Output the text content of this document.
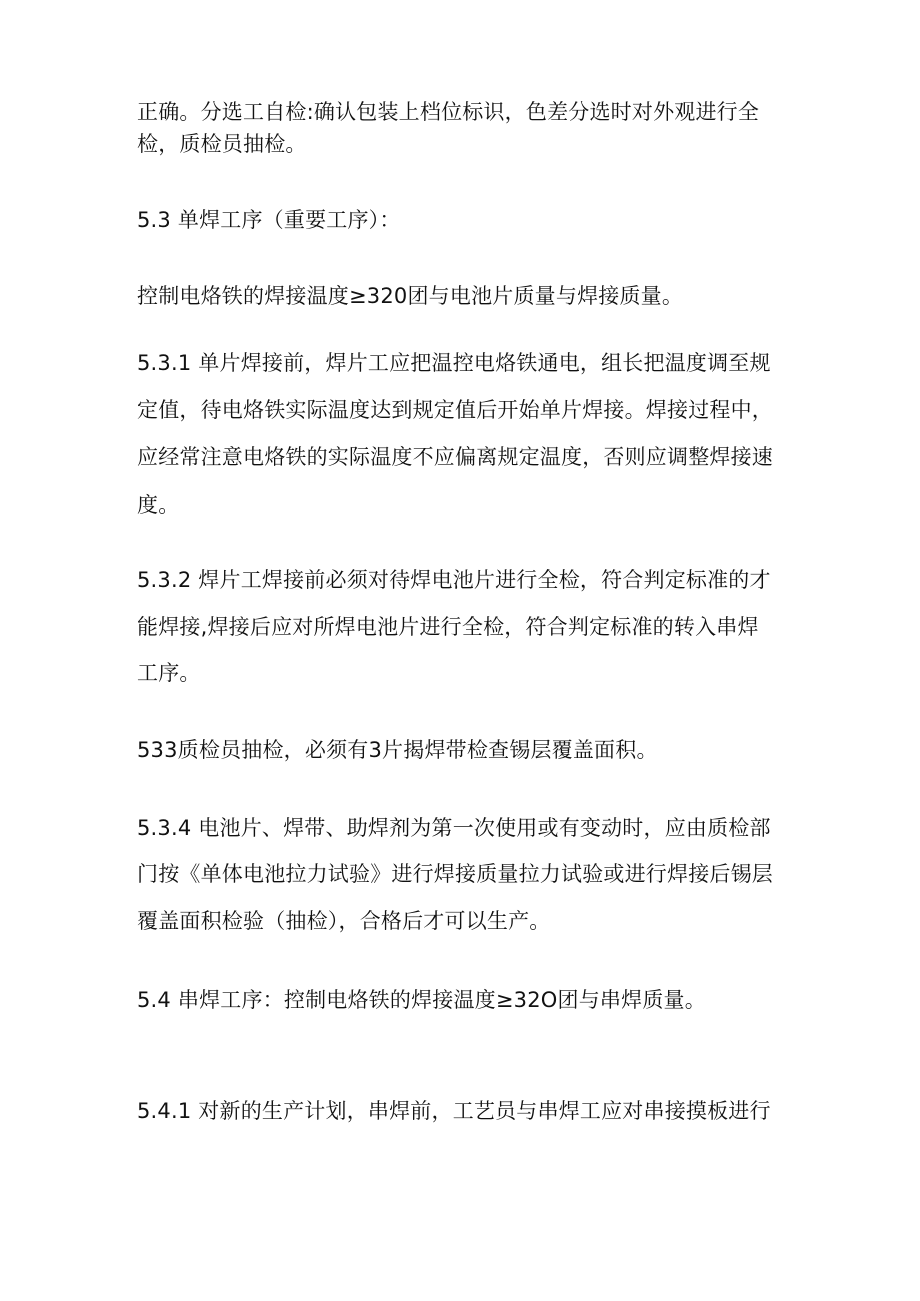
正确。分选工自检:确认包装上档位标识，色差分选时对外观进行全
检，质检员抽检。
5.3 单焊工序（重要工序）：
控制电烙铁的焊接温度≥320团与电池片质量与焊接质量。
5.3.1 单片焊接前，焊片工应把温控电烙铁通电，组长把温度调至规
定值，待电烙铁实际温度达到规定值后开始单片焊接。焊接过程中，
应经常注意电烙铁的实际温度不应偏离规定温度，否则应调整焊接速
度。
5.3.2 焊片工焊接前必须对待焊电池片进行全检，符合判定标准的才
能焊接,焊接后应对所焊电池片进行全检，符合判定标准的转入串焊
工序。
533质检员抽检，必须有3片揭焊带检查锡层覆盖面积。
5.3.4 电池片、焊带、助焊剂为第一次使用或有变动时，应由质检部
门按《单体电池拉力试验》进行焊接质量拉力试验或进行焊接后锡层
覆盖面积检验（抽检），合格后才可以生产。
5.4 串焊工序：控制电烙铁的焊接温度≥32O团与串焊质量。
5.4.1 对新的生产计划，串焊前，工艺员与串焊工应对串接摸板进行
